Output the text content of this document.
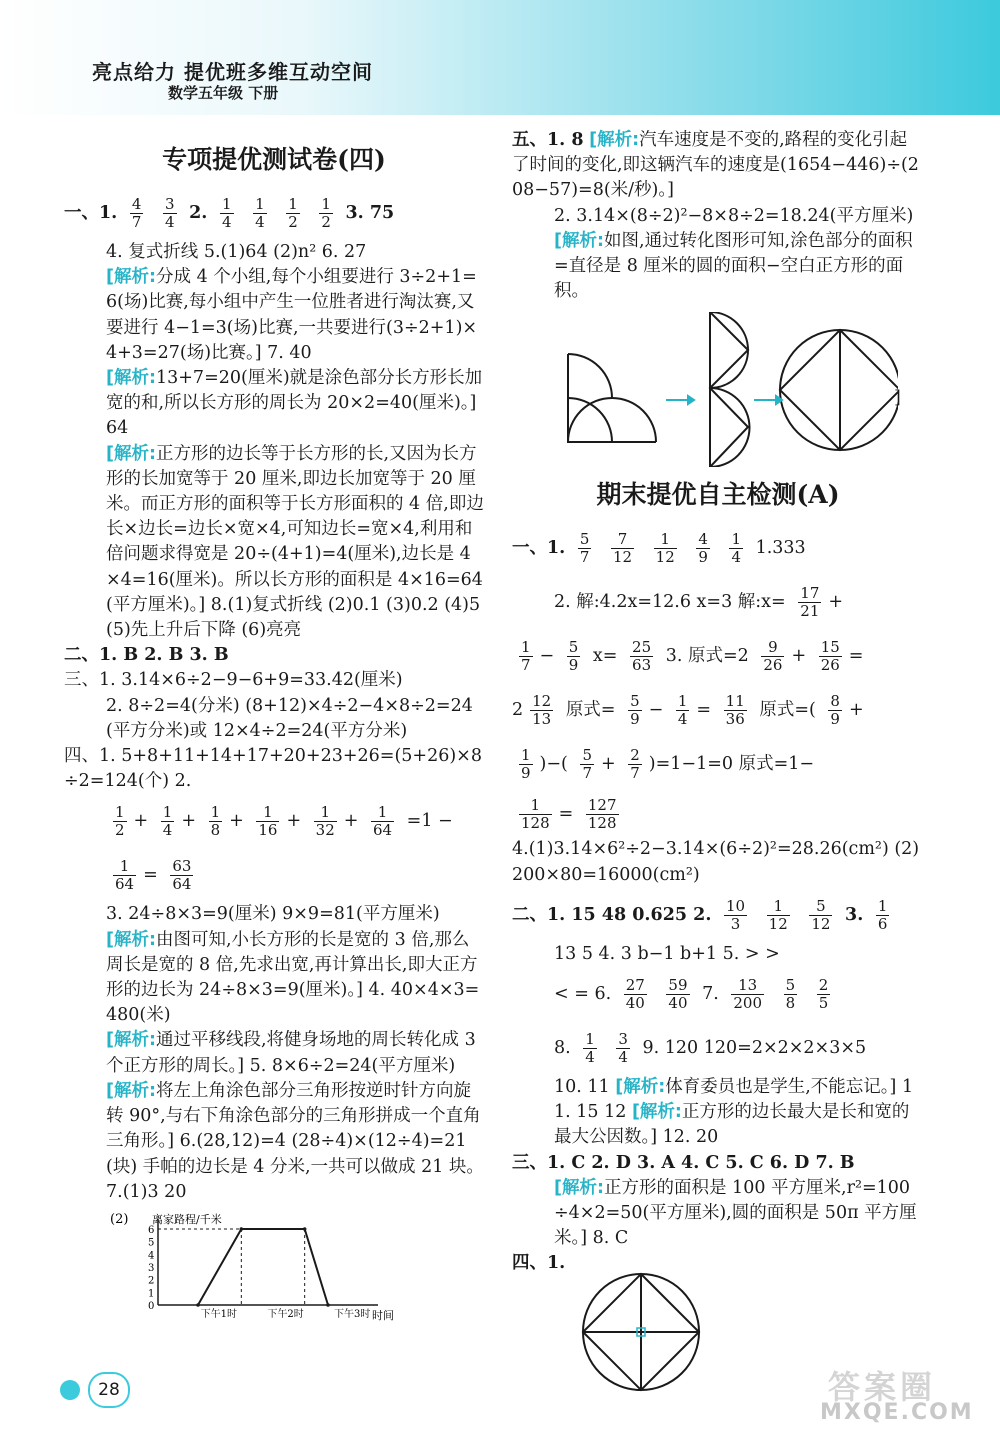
亮点给力 提优班多维互动空间
数学五年级 下册
专项提优测试卷(四)
一、1. $\frac{4}{7}$
$\frac{3}{4} 2$. $\frac{1}{4}$
$\frac{1}{4}$
$\frac{1}{2}$
$\frac{1}{2} 3$. 75

4. 复式折线 5.(1)64 (2)n² 6. 27

[解析:分成 4 个小组,每个小组要进行 3÷2+1=6(场)比赛,每小组中产生一位胜者进行淘汰赛,又要进行 4−1=3(场)比赛,一共要进行(3÷2+1)×4+3=27(场)比赛。] 7. 40

[解析:13+7=20(厘米)就是涂色部分长方形长加宽的和,所以长方形的周长为 20×2=40(厘米)。] 64

[解析:正方形的边长等于长方形的长,又因为长方形的长加宽等于 20 厘米,即边长加宽等于 20 厘米。而正方形的面积等于长方形面积的 4 倍,即边长×边长=边长×宽×4,可知边长=宽×4,利用和倍问题求得宽是 20÷(4+1)=4(厘米),边长是 4×4=16(厘米)。所以长方形的面积是 4×16=64(平方厘米)。] 8.(1)复式折线 (2)0.1 (3)0.2 (4)5 (5)先上升后下降 (6)亮亮

二、1. B 2. B 3. B

三、1. 3.14×6÷2−9−6+9=33.42(厘米)

2. 8÷2=4(分米) (8+12)×4÷2−4×8÷2=24(平方分米)或 12×4÷2=24(平方分米)

四、1. 5+8+11+14+17+20+23+26=(5+26)×8÷2=124(个) 2.

$\frac{1}{2} + \frac{1}{4} + \frac{1}{8} + \frac{1}{16} + \frac{1}{32} + \frac{1}{64} =1$ −
$\frac{1}{64} = \frac{63}{64}$

3. 24÷8×3=9(厘米) 9×9=81(平方厘米)

[解析:由图可知,小长方形的长是宽的 3 倍,那么周长是宽的 8 倍,先求出宽,再计算出长,即大正方形的边长为 24÷8×3=9(厘米)。] 4. 40×4×3=480(米)

[解析:通过平移线段,将健身场地的周长转化成 3 个正方形的周长。] 5. 8×6÷2=24(平方厘米)

[解析:将左上角涂色部分三角形按逆时针方向旋转 90°,与右下角涂色部分的三角形拼成一个直角三角形。] 6.(28,12)=4 (28÷4)×(12÷4)=21(块) 手帕的边长是 4 分米,一共可以做成 21 块。 7.(1)3 20

(2) 离家路程/千米
时间
0
1
2
3
4
5
6
下午1时	下午2时	下午3时

五、1. 8 [解析:汽车速度是不变的,路程的变化引起了时间的变化,即这辆汽车的速度是(1654−446)÷(208−57)=8(米/秒)。]

2. 3.14×(8÷2)²−8×8÷2=18.24(平方厘米)

[解析:如图,通过转化图形可知,涂色部分的面积=直径是 8 厘米的圆的面积−空白正方形的面积。

]
期末提优自主检测(A)
一、1. $\frac{5}{7}$
$\frac{7}{12}$
$\frac{1}{12}$
$\frac{4}{9}$
$\frac{1}{4} 1.333$
2. 解:4.2x=12.6 x=3 解:x= $\frac{17}{21}$ +
$\frac{1}{7} - \frac{5}{9} x= \frac{25}{63} 3$. 原式$=2 \frac{9}{26} + \frac{15}{26}$ =
$2 \frac{12}{13}$ 原式= $\frac{5}{9} - \frac{1}{4} = \frac{11}{36}$ 原式=( $\frac{8}{9}$ +
$\frac{1}{9}$ )−( $\frac{5}{7} + \frac{2}{7} )=1-1=0$ 原式=1−
$\frac{1}{128} = \frac{127}{128}$

4.(1)3.14×6²÷2−3.14×(6÷2)²=28.26(cm²) (2)200×80=16000(cm²)

二、1. 15 48 0.625 2. $\frac{10}{3}$
$\frac{1}{12}$
$\frac{5}{12} 3$. $\frac{1}{6}$

13 5 4. 3 b−1 b+1 5. > >

< = 6. $\frac{27}{40}$
$\frac{59}{40} 7$. $\frac{13}{200}$
$\frac{5}{8}$
$\frac{2}{5}$
8. $\frac{1}{4}$
$\frac{3}{4} 9$. 120 120=2×2×2×3×5

10. 11 [解析:体育委员也是学生,不能忘记。] 11. 15 12 [解析:正方形的边长最大是长和宽的最大公因数。] 12. 20

三、1. C 2. D 3. A 4. C 5. C 6. D 7. B

[解析:正方形的面积是 100 平方厘米,r²=100÷4×2=50(平方厘米),圆的面积是 50π 平方厘米。] 8. C

四、1.

28	答案圈
MXQE.COM
